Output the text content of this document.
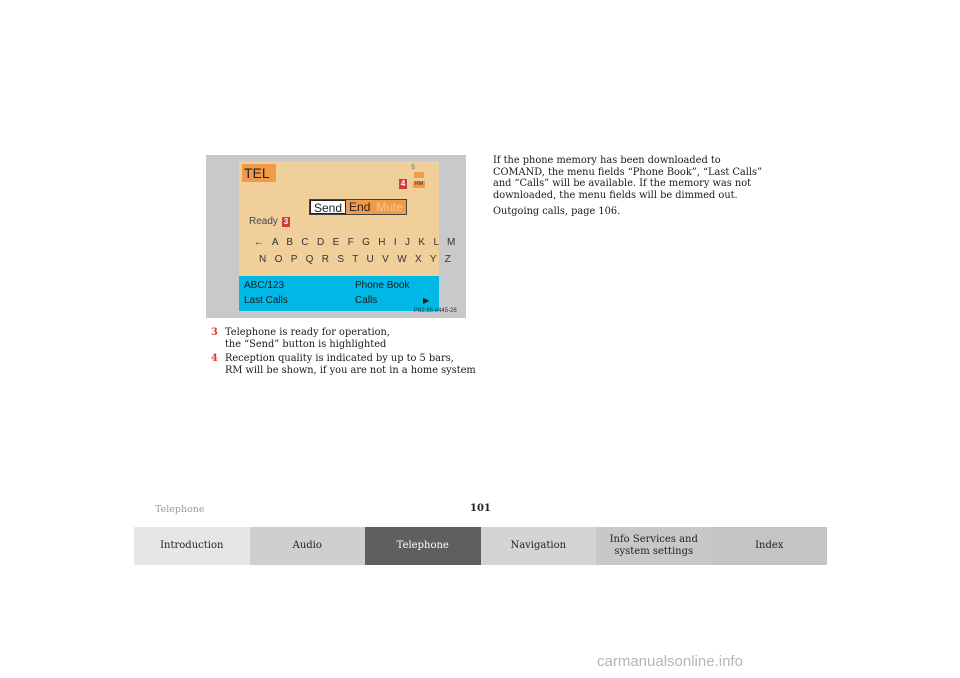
TEL	S
RM
4
Send End Mute
Ready 3
← A B C D E F G H I J K L M
N O P Q R S T U V W X Y Z
ABC/123	Phone Book
Last Calls	Calls	▶
P82.85.6445-26
3 Telephone is ready for operation,
the “Send” button is highlighted
4 Reception quality is indicated by up to 5 bars,
RM will be shown, if you are not in a home system

If the phone memory has been downloaded to
COMAND, the menu fields “Phone Book”, “Last Calls”
and “Calls” will be available. If the memory was not
downloaded, the menu fields will be dimmed out.

Outgoing calls, page 106.

Telephone	101
Introduction	Audio	Telephone	Navigation
Info Services and
system settings
Index
carmanualsonline.info
